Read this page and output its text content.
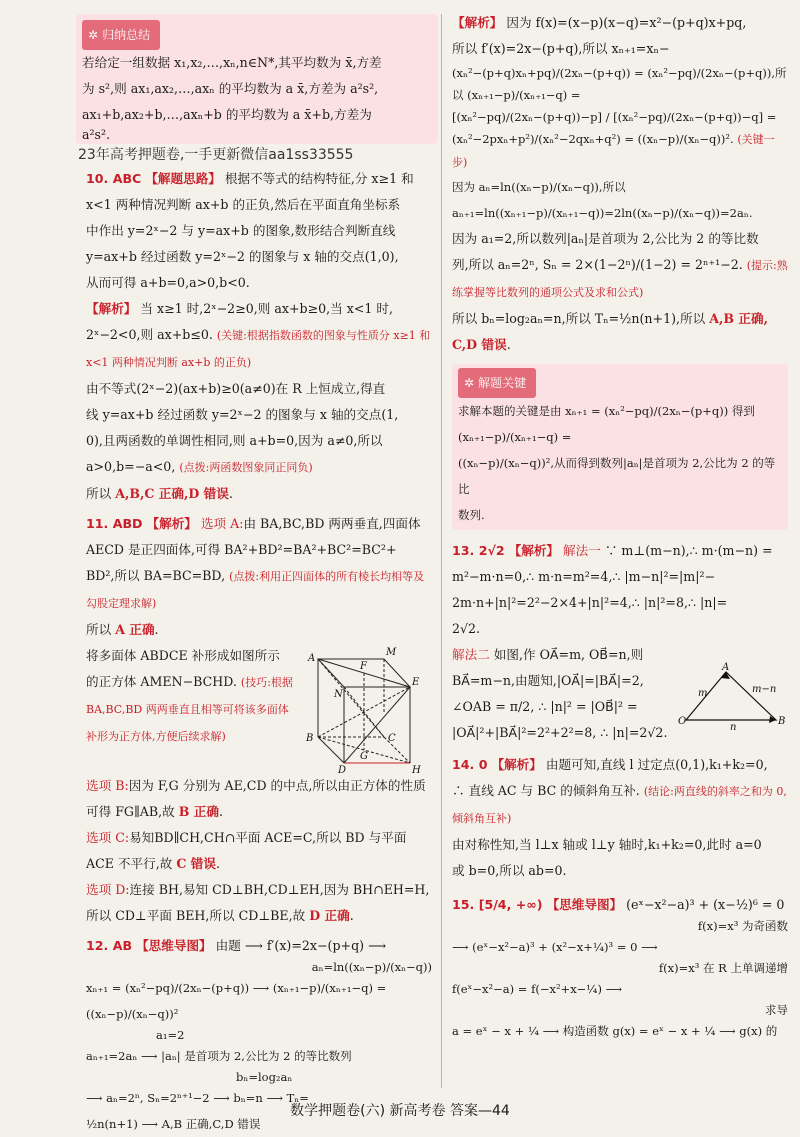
✲ 归纳总结

若给定一组数据 x₁,x₂,…,xₙ,n∈N*,其平均数为 x̄,方差

为 s²,则 ax₁,ax₂,…,axₙ 的平均数为 a x̄,方差为 a²s²,

ax₁+b,ax₂+b,…,axₙ+b 的平均数为 a x̄+b,方差为

a²s².

23年高考押题卷,一手更新微信aa1ss33555

10. ABC 【解题思路】 根据不等式的结构特征,分 x≥1 和

x<1 两种情况判断 ax+b 的正负,然后在平面直角坐标系

中作出 y=2ˣ−2 与 y=ax+b 的图象,数形结合判断直线

y=ax+b 经过函数 y=2ˣ−2 的图象与 x 轴的交点(1,0),

从而可得 a+b=0,a>0,b<0.

【解析】 当 x≥1 时,2ˣ−2≥0,则 ax+b≥0,当 x<1 时,

2ˣ−2<0,则 ax+b≤0. (关键:根据指数函数的图象与性质分 x≥1 和 x<1 两种情况判断 ax+b 的正负)

由不等式(2ˣ−2)(ax+b)≥0(a≠0)在 R 上恒成立,得直

线 y=ax+b 经过函数 y=2ˣ−2 的图象与 x 轴的交点(1,

0),且两函数的单调性相同,则 a+b=0,因为 a≠0,所以

a>0,b=−a<0, (点拨:两函数图象同正同负)

所以 A,B,C 正确,D 错误.

11. ABD 【解析】 选项 A:由 BA,BC,BD 两两垂直,四面体

AECD 是正四面体,可得 BA²+BD²=BA²+BC²=BC²+

BD²,所以 BA=BC=BD, (点拨:利用正四面体的所有棱长均相等及勾股定理求解)

所以 A 正确.

将多面体 ABDCE 补形成如图所示

的正方体 AMEN−BCHD. (技巧:根据 BA,BC,BD 两两垂直且相等可将该多面体补形为正方体,方便后续求解)

A
M
F
N
E
B	C
G
D	H

选项 B:因为 F,G 分别为 AE,CD 的中点,所以由正方体的性质可得 FG∥AB,故 B 正确.

选项 C:易知BD∥CH,CH∩平面 ACE=C,所以 BD 与平面 ACE 不平行,故 C 错误.

选项 D:连接 BH,易知 CD⊥BH,CD⊥EH,因为 BH∩EH=H,所以 CD⊥平面 BEH,所以 CD⊥BE,故 D 正确.

12. AB 【思维导图】 由题 ⟶ f′(x)=2x−(p+q) ⟶

aₙ=ln((xₙ−p)/(xₙ−q))

xₙ₊₁ = (xₙ²−pq)/(2xₙ−(p+q)) ⟶ (xₙ₊₁−p)/(xₙ₊₁−q) = ((xₙ−p)/(xₙ−q))²

a₁=2

aₙ₊₁=2aₙ ⟶ |aₙ| 是首项为 2,公比为 2 的等比数列

bₙ=log₂aₙ

⟶ aₙ=2ⁿ, Sₙ=2ⁿ⁺¹−2 ⟶ bₙ=n ⟶ Tₙ=

½n(n+1) ⟶ A,B 正确,C,D 错误

【解析】 因为 f(x)=(x−p)(x−q)=x²−(p+q)x+pq,

所以 f′(x)=2x−(p+q),所以 xₙ₊₁=xₙ−

(xₙ²−(p+q)xₙ+pq)/(2xₙ−(p+q)) = (xₙ²−pq)/(2xₙ−(p+q)),所以 (xₙ₊₁−p)/(xₙ₊₁−q) =

[(xₙ²−pq)/(2xₙ−(p+q))−p] / [(xₙ²−pq)/(2xₙ−(p+q))−q] = (xₙ²−2pxₙ+p²)/(xₙ²−2qxₙ+q²) = ((xₙ−p)/(xₙ−q))². (关键一步)

因为 aₙ=ln((xₙ−p)/(xₙ−q)),所以 aₙ₊₁=ln((xₙ₊₁−p)/(xₙ₊₁−q))=2ln((xₙ−p)/(xₙ−q))=2aₙ.

因为 a₁=2,所以数列|aₙ|是首项为 2,公比为 2 的等比数

列,所以 aₙ=2ⁿ, Sₙ = 2×(1−2ⁿ)/(1−2) = 2ⁿ⁺¹−2. (提示:熟练掌握等比数列的通项公式及求和公式)

所以 bₙ=log₂aₙ=n,所以 Tₙ=½n(n+1),所以 A,B 正确,

C,D 错误.

✲ 解题关键

求解本题的关键是由 xₙ₊₁ = (xₙ²−pq)/(2xₙ−(p+q)) 得到 (xₙ₊₁−p)/(xₙ₊₁−q) =

((xₙ−p)/(xₙ−q))²,从而得到数列|aₙ|是首项为 2,公比为 2 的等比

数列.

13. 2√2 【解析】 解法一 ∵ m⊥(m−n),∴ m·(m−n) =

m²−m·n=0,∴ m·n=m²=4,∴ |m−n|²=|m|²−

2m·n+|n|²=2²−2×4+|n|²=4,∴ |n|²=8,∴ |n|=

2√2.

解法二 如图,作 OA⃗=m, OB⃗=n,则

BA⃗=m−n,由题知,|OA⃗|=|BA⃗|=2,

∠OAB = π/2, ∴ |n|² = |OB⃗|² =

A
O	B
m	m−n
n

|OA⃗|²+|BA⃗|²=2²+2²=8, ∴ |n|=2√2.

14. 0 【解析】 由题可知,直线 l 过定点(0,1),k₁+k₂=0,

∴ 直线 AC 与 BC 的倾斜角互补. (结论:两直线的斜率之和为 0,倾斜角互补)

由对称性知,当 l⊥x 轴或 l⊥y 轴时,k₁+k₂=0,此时 a=0

或 b=0,所以 ab=0.

15. [5/4, +∞) 【思维导图】 (eˣ−x²−a)³ + (x−½)⁶ = 0

f(x)=x³ 为奇函数

⟶ (eˣ−x²−a)³ + (x²−x+¼)³ = 0 ⟶

f(x)=x³ 在 R 上单调递增

f(eˣ−x²−a) = f(−x²+x−¼) ⟶

求导

a = eˣ − x + ¼ ⟶ 构造函数 g(x) = eˣ − x + ¼ ⟶ g(x) 的

数学押题卷(六) 新高考卷 答案—44
